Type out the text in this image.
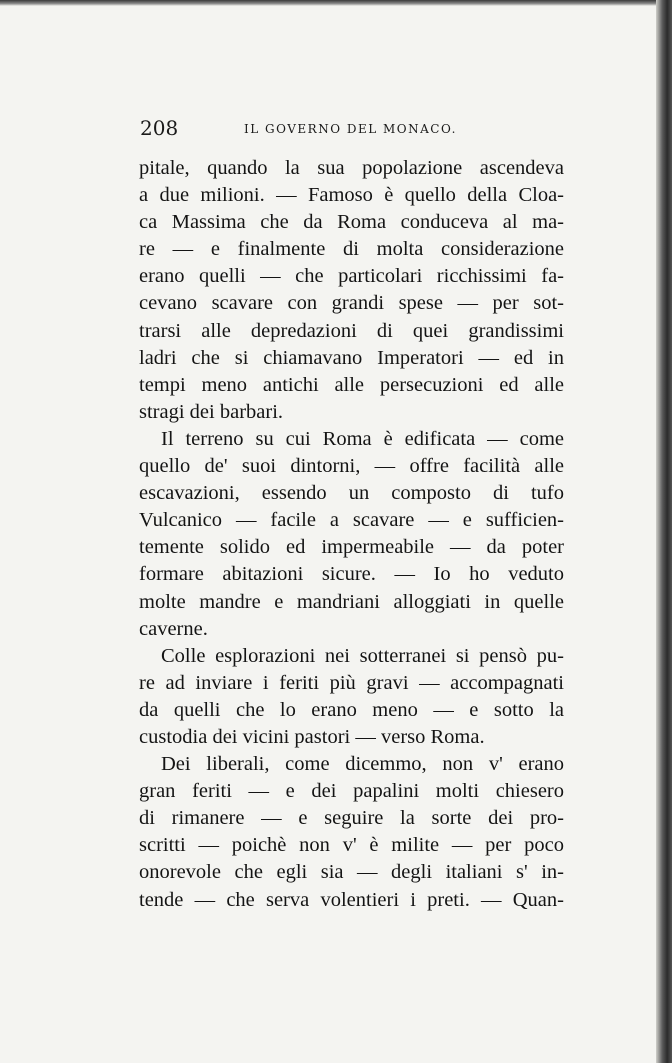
208	IL GOVERNO DEL MONACO.
pitale, quando la sua popolazione ascendeva
a due milioni. — Famoso è quello della Cloa-
ca Massima che da Roma conduceva al ma-
re — e finalmente di molta considerazione
erano quelli — che particolari ricchissimi fa-
cevano scavare con grandi spese — per sot-
trarsi alle depredazioni di quei grandissimi
ladri che si chiamavano Imperatori — ed in
tempi meno antichi alle persecuzioni ed alle
stragi dei barbari.
Il terreno su cui Roma è edificata — come
quello de' suoi dintorni, — offre facilità alle
escavazioni, essendo un composto di tufo
Vulcanico — facile a scavare — e sufficien-
temente solido ed impermeabile — da poter
formare abitazioni sicure. — Io ho veduto
molte mandre e mandriani alloggiati in quelle
caverne.
Colle esplorazioni nei sotterranei si pensò pu-
re ad inviare i feriti più gravi — accompagnati
da quelli che lo erano meno — e sotto la
custodia dei vicini pastori — verso Roma.
Dei liberali, come dicemmo, non v' erano
gran feriti — e dei papalini molti chiesero
di rimanere — e seguire la sorte dei pro-
scritti — poichè non v' è milite — per poco
onorevole che egli sia — degli italiani s' in-
tende — che serva volentieri i preti. — Quan-
